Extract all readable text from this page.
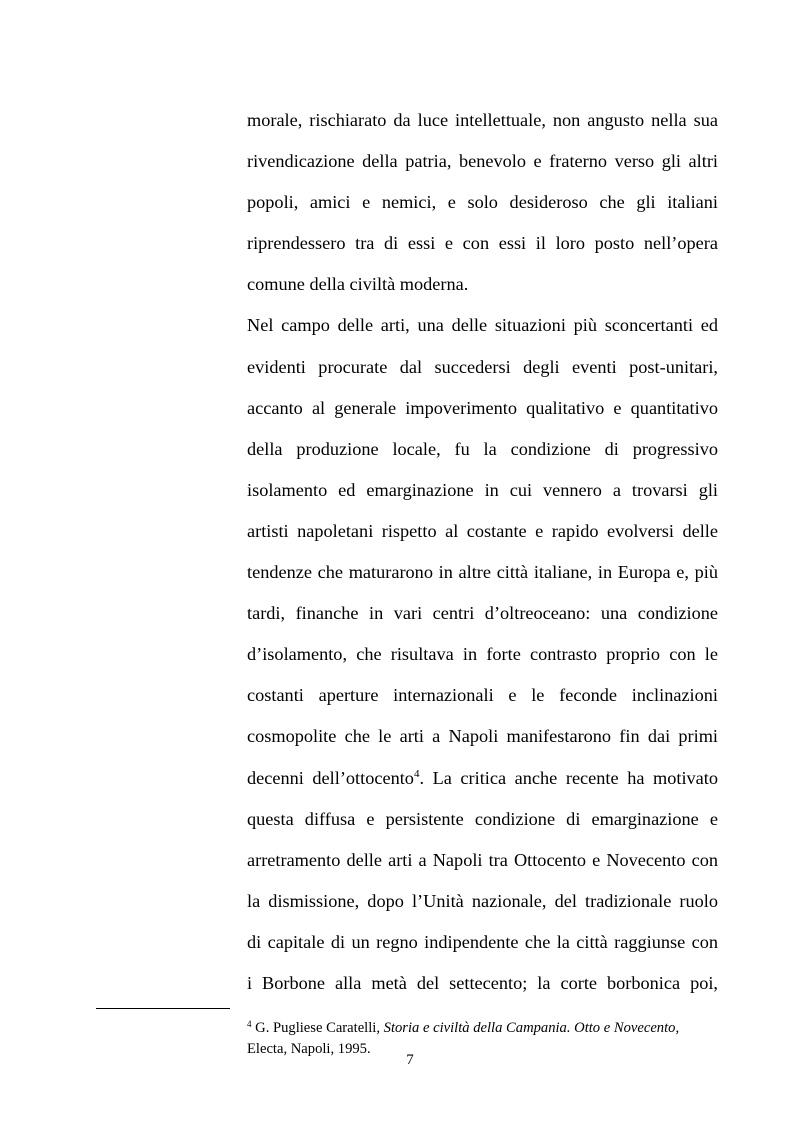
morale, rischiarato da luce intellettuale, non angusto nella sua
rivendicazione della patria, benevolo e fraterno verso gli altri
popoli, amici e nemici, e solo desideroso che gli italiani
riprendessero tra di essi e con essi il loro posto nell’opera
comune della civiltà moderna.
Nel campo delle arti, una delle situazioni più sconcertanti ed
evidenti procurate dal succedersi degli eventi post-unitari,
accanto al generale impoverimento qualitativo e quantitativo
della produzione locale, fu la condizione di progressivo
isolamento ed emarginazione in cui vennero a trovarsi gli
artisti napoletani rispetto al costante e rapido evolversi delle
tendenze che maturarono in altre città italiane, in Europa e, più
tardi, finanche in vari centri d’oltreoceano: una condizione
d’isolamento, che risultava in forte contrasto proprio con le
costanti aperture internazionali e le feconde inclinazioni
cosmopolite che le arti a Napoli manifestarono fin dai primi
decenni dell’ottocento$^4$. La critica anche recente ha motivato
questa diffusa e persistente condizione di emarginazione e
arretramento delle arti a Napoli tra Ottocento e Novecento con
la dismissione, dopo l’Unità nazionale, del tradizionale ruolo
di capitale di un regno indipendente che la città raggiunse con
i Borbone alla metà del settecento; la corte borbonica poi,
$^4$ G. Pugliese Caratelli, Storia e civiltà della Campania. Otto e Novecento, Electa, Napoli, 1995.
7
